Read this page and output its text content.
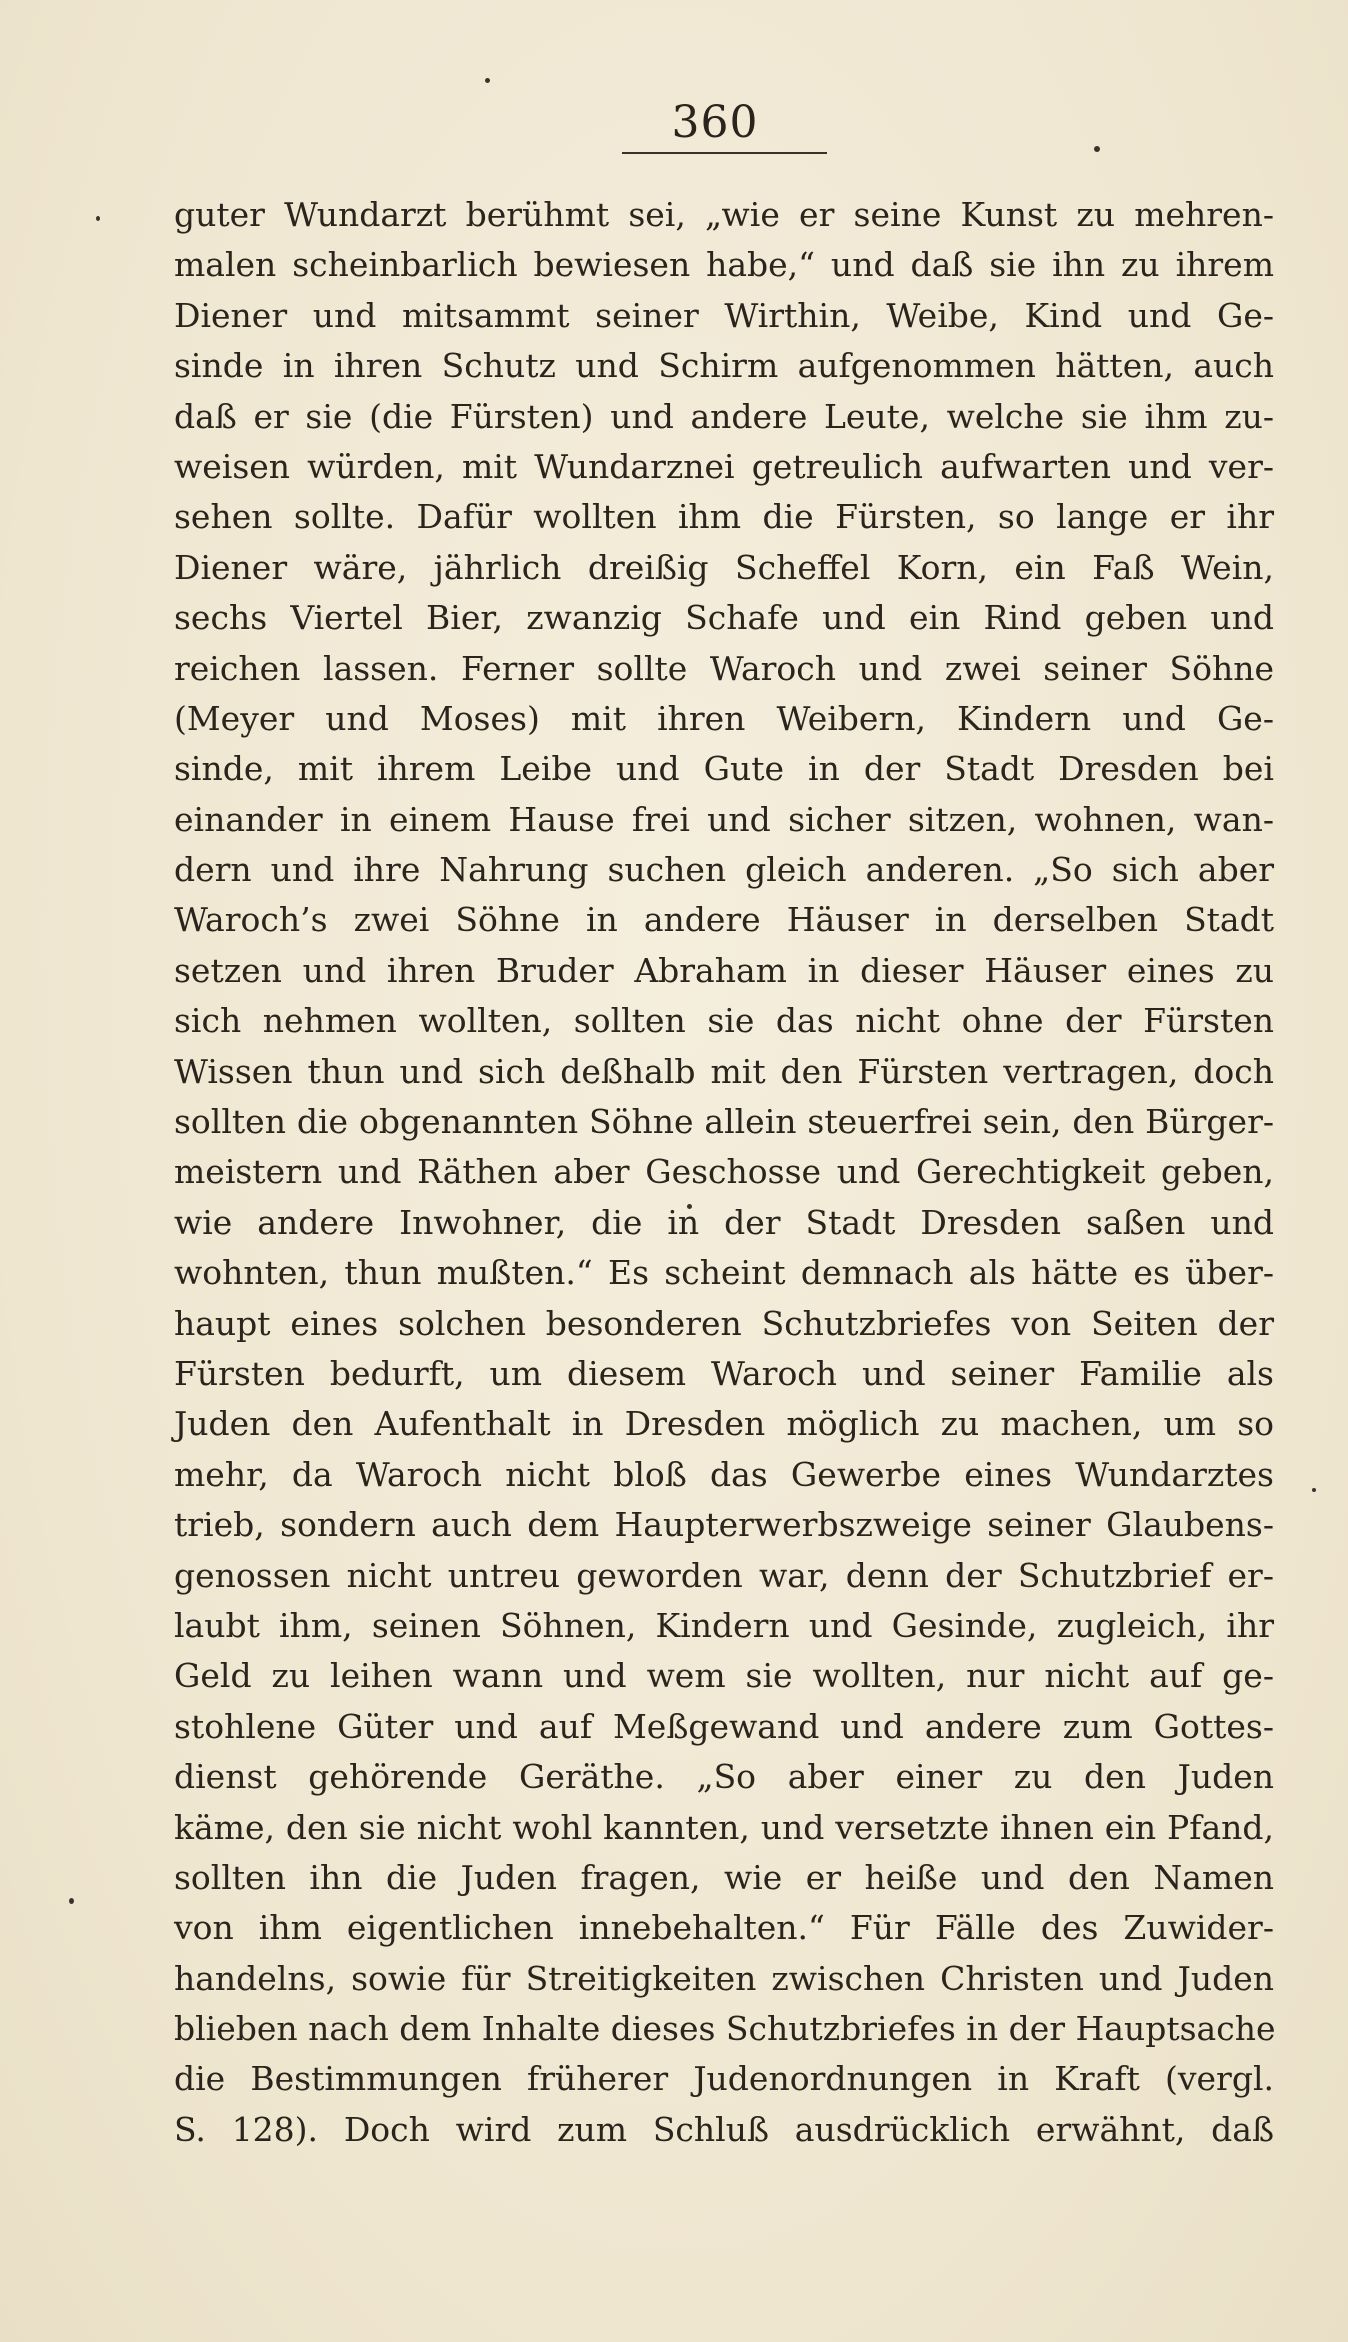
360
guter Wundarzt berühmt sei, „wie er seine Kunst zu mehren-
malen scheinbarlich bewiesen habe,“ und daß sie ihn zu ihrem
Diener und mitsammt seiner Wirthin, Weibe, Kind und Ge-
sinde in ihren Schutz und Schirm aufgenommen hätten, auch
daß er sie (die Fürsten) und andere Leute, welche sie ihm zu-
weisen würden, mit Wundarznei getreulich aufwarten und ver-
sehen sollte. Dafür wollten ihm die Fürsten, so lange er ihr
Diener wäre, jährlich dreißig Scheffel Korn, ein Faß Wein,
sechs Viertel Bier, zwanzig Schafe und ein Rind geben und
reichen lassen. Ferner sollte Waroch und zwei seiner Söhne
(Meyer und Moses) mit ihren Weibern, Kindern und Ge-
sinde, mit ihrem Leibe und Gute in der Stadt Dresden bei
einander in einem Hause frei und sicher sitzen, wohnen, wan-
dern und ihre Nahrung suchen gleich anderen. „So sich aber
Waroch’s zwei Söhne in andere Häuser in derselben Stadt
setzen und ihren Bruder Abraham in dieser Häuser eines zu
sich nehmen wollten, sollten sie das nicht ohne der Fürsten
Wissen thun und sich deßhalb mit den Fürsten vertragen, doch
sollten die obgenannten Söhne allein steuerfrei sein, den Bürger-
meistern und Räthen aber Geschosse und Gerechtigkeit geben,
wie andere Inwohner, die in der Stadt Dresden saßen und
wohnten, thun mußten.“ Es scheint demnach als hätte es über-
haupt eines solchen besonderen Schutzbriefes von Seiten der
Fürsten bedurft, um diesem Waroch und seiner Familie als
Juden den Aufenthalt in Dresden möglich zu machen, um so
mehr, da Waroch nicht bloß das Gewerbe eines Wundarztes
trieb, sondern auch dem Haupterwerbszweige seiner Glaubens-
genossen nicht untreu geworden war, denn der Schutzbrief er-
laubt ihm, seinen Söhnen, Kindern und Gesinde, zugleich, ihr
Geld zu leihen wann und wem sie wollten, nur nicht auf ge-
stohlene Güter und auf Meßgewand und andere zum Gottes-
dienst gehörende Geräthe. „So aber einer zu den Juden
käme, den sie nicht wohl kannten, und versetzte ihnen ein Pfand,
sollten ihn die Juden fragen, wie er heiße und den Namen
von ihm eigentlichen innebehalten.“ Für Fälle des Zuwider-
handelns, sowie für Streitigkeiten zwischen Christen und Juden
blieben nach dem Inhalte dieses Schutzbriefes in der Hauptsache
die Bestimmungen früherer Judenordnungen in Kraft (vergl.
S. 128). Doch wird zum Schluß ausdrücklich erwähnt, daß
